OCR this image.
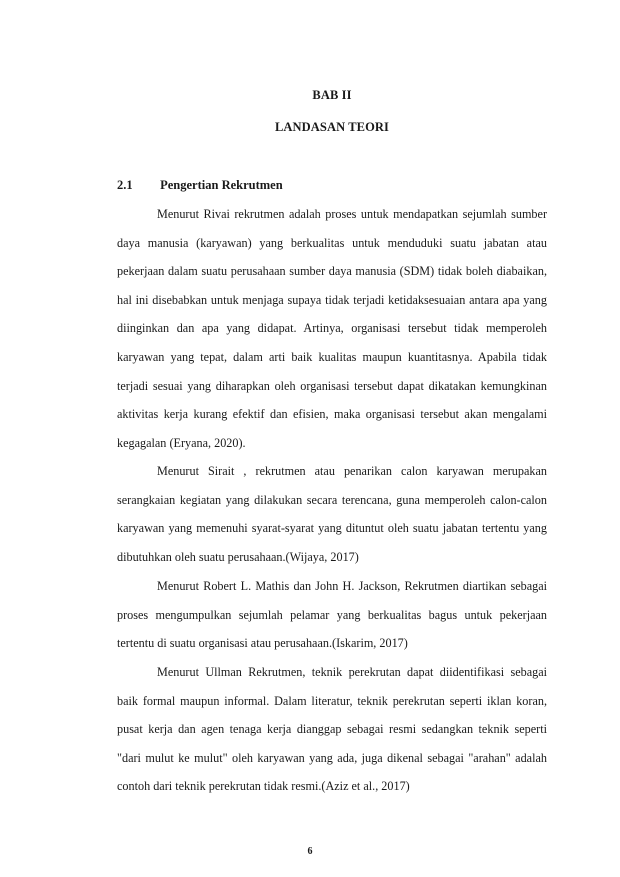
BAB II
LANDASAN TEORI
2.1 Pengertian Rekrutmen
Menurut Rivai rekrutmen adalah proses untuk mendapatkan sejumlah sumber
daya manusia (karyawan) yang berkualitas untuk menduduki suatu jabatan atau
pekerjaan dalam suatu perusahaan sumber daya manusia (SDM) tidak boleh diabaikan,
hal ini disebabkan untuk menjaga supaya tidak terjadi ketidaksesuaian antara apa yang
diinginkan dan apa yang didapat. Artinya, organisasi tersebut tidak memperoleh
karyawan yang tepat, dalam arti baik kualitas maupun kuantitasnya. Apabila tidak
terjadi sesuai yang diharapkan oleh organisasi tersebut dapat dikatakan kemungkinan
aktivitas kerja kurang efektif dan efisien, maka organisasi tersebut akan mengalami
kegagalan (Eryana, 2020).
Menurut Sirait , rekrutmen atau penarikan calon karyawan merupakan
serangkaian kegiatan yang dilakukan secara terencana, guna memperoleh calon-calon
karyawan yang memenuhi syarat-syarat yang dituntut oleh suatu jabatan tertentu yang
dibutuhkan oleh suatu perusahaan.(Wijaya, 2017)
Menurut Robert L. Mathis dan John H. Jackson, Rekrutmen diartikan sebagai
proses mengumpulkan sejumlah pelamar yang berkualitas bagus untuk pekerjaan
tertentu di suatu organisasi atau perusahaan.(Iskarim, 2017)
Menurut Ullman Rekrutmen, teknik perekrutan dapat diidentifikasi sebagai
baik formal maupun informal. Dalam literatur, teknik perekrutan seperti iklan koran,
pusat kerja dan agen tenaga kerja dianggap sebagai resmi sedangkan teknik seperti
"dari mulut ke mulut" oleh karyawan yang ada, juga dikenal sebagai "arahan" adalah
contoh dari teknik perekrutan tidak resmi.(Aziz et al., 2017)
6
